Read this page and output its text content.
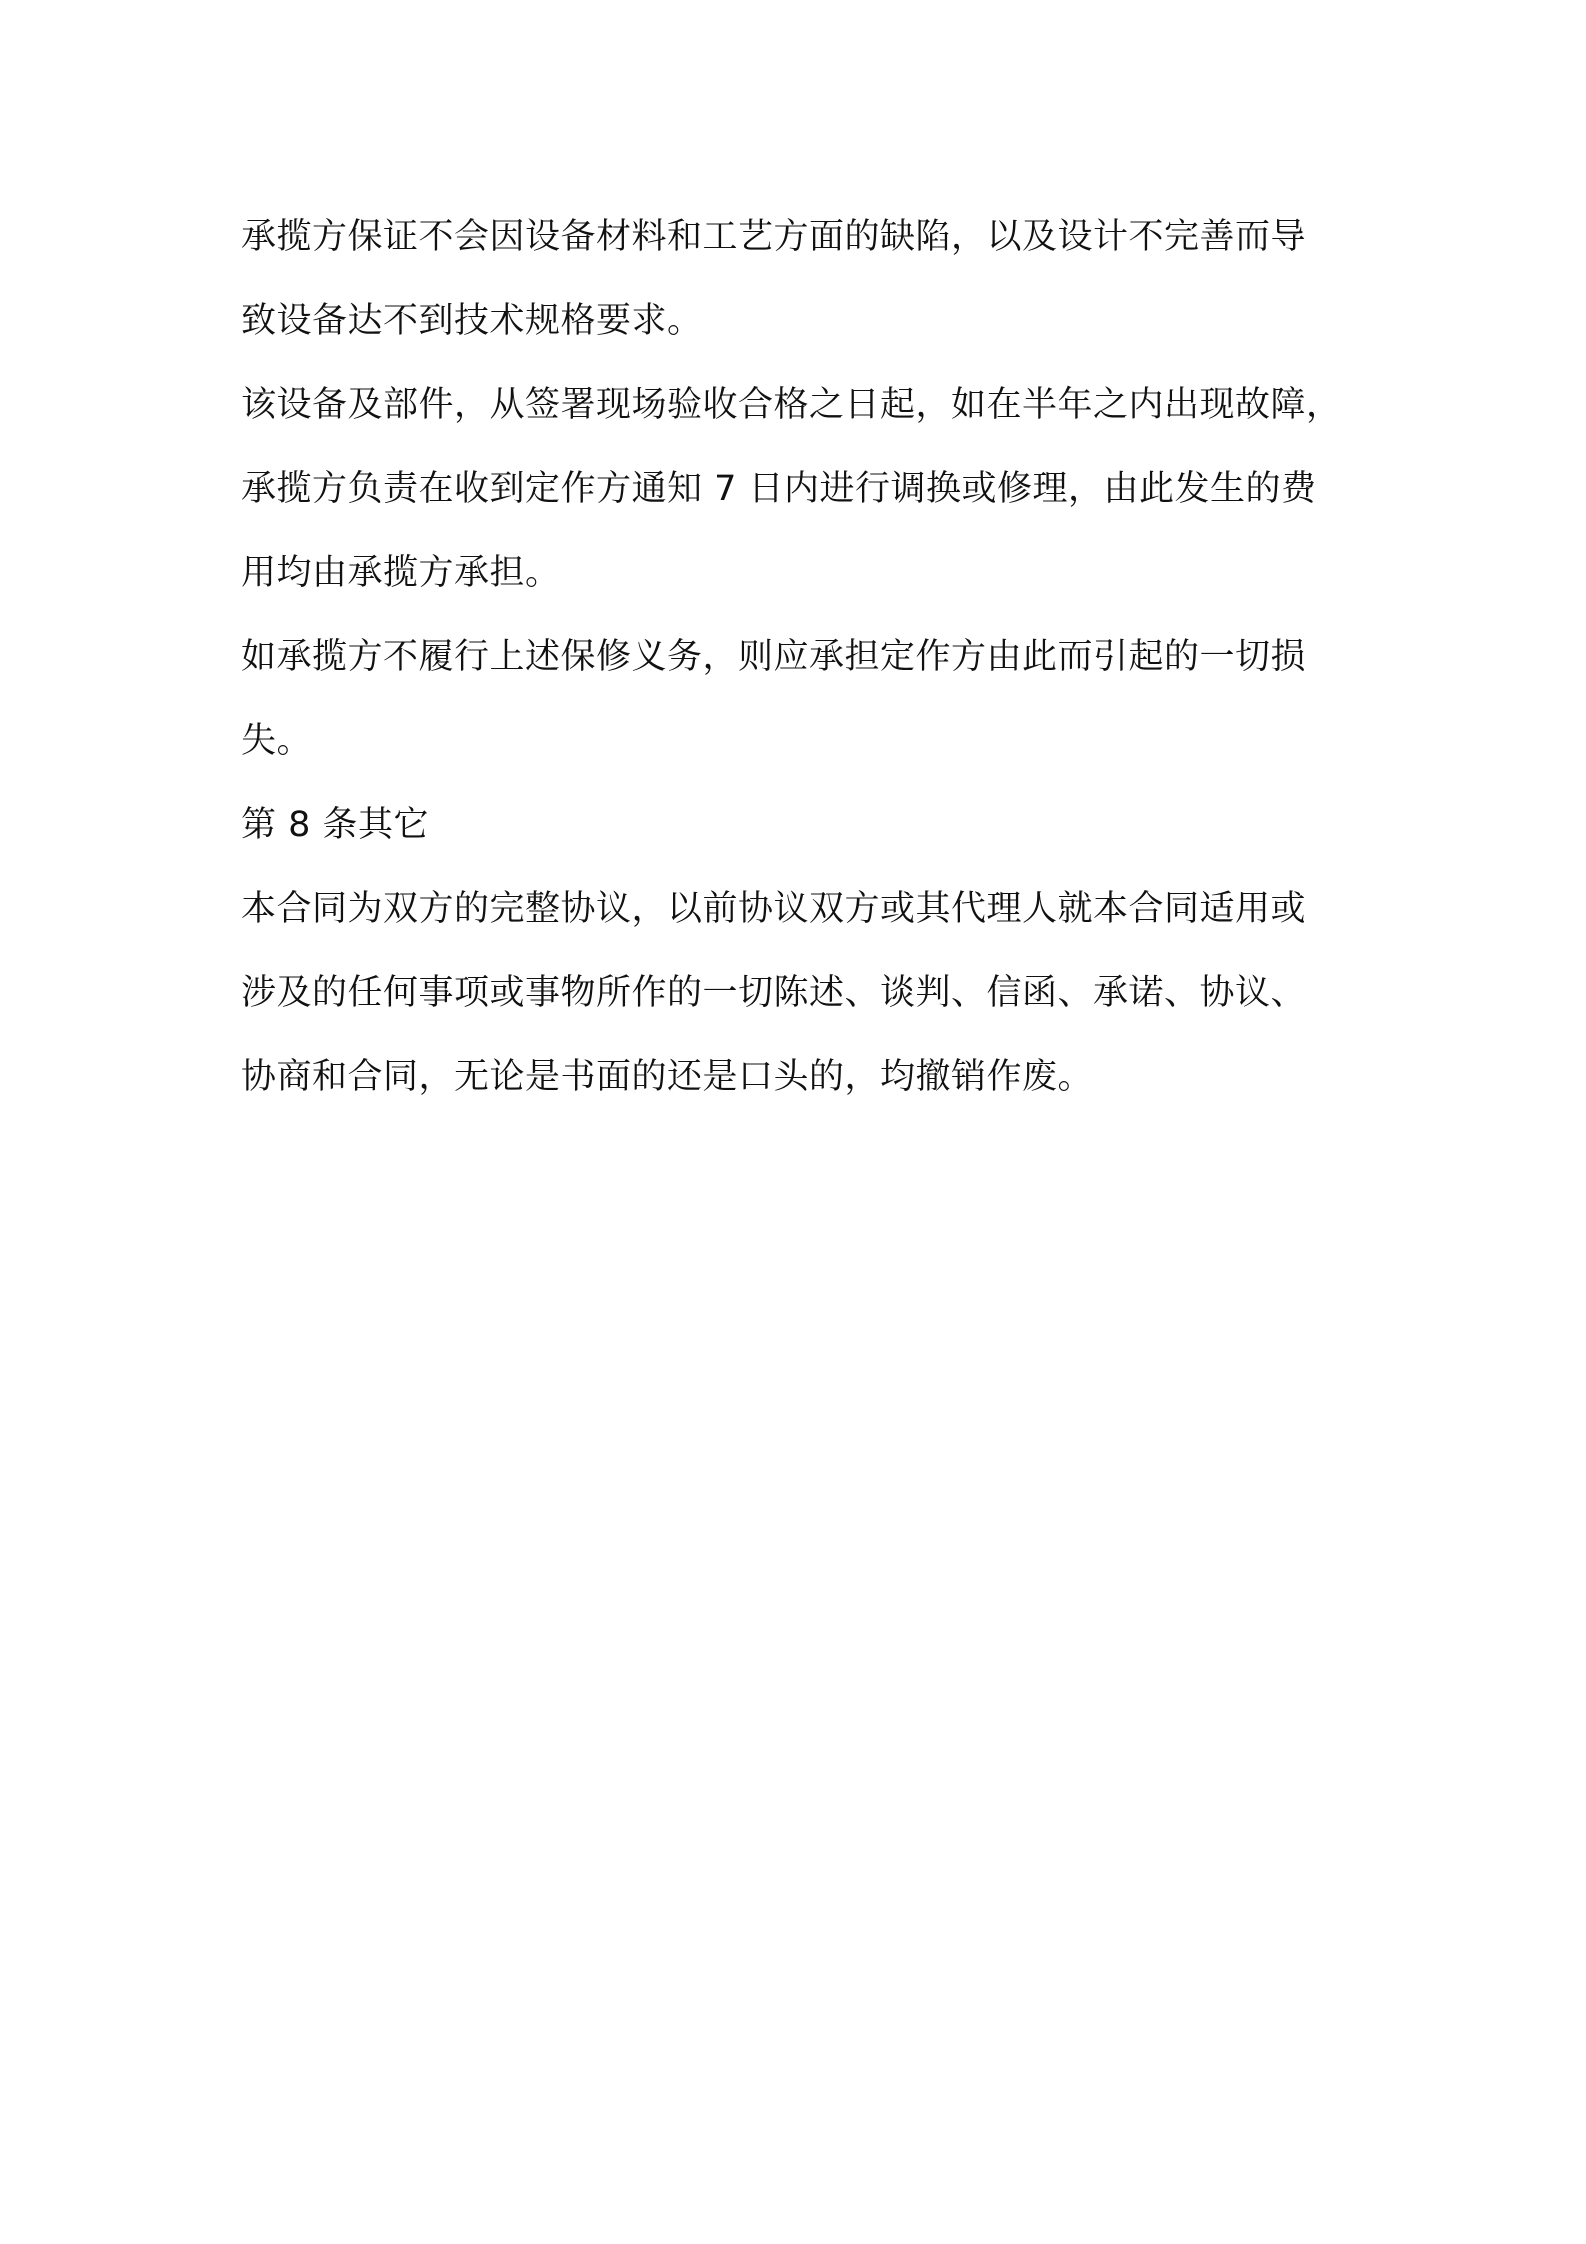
承揽方保证不会因设备材料和工艺方面的缺陷，以及设计不完善而导
致设备达不到技术规格要求。
该设备及部件，从签署现场验收合格之日起，如在半年之内出现故障，
承揽方负责在收到定作方通知 7 日内进行调换或修理，由此发生的费
用均由承揽方承担。
如承揽方不履行上述保修义务，则应承担定作方由此而引起的一切损
失。
第 8 条其它
本合同为双方的完整协议，以前协议双方或其代理人就本合同适用或
涉及的任何事项或事物所作的一切陈述、谈判、信函、承诺、协议、
协商和合同，无论是书面的还是口头的，均撤销作废。
